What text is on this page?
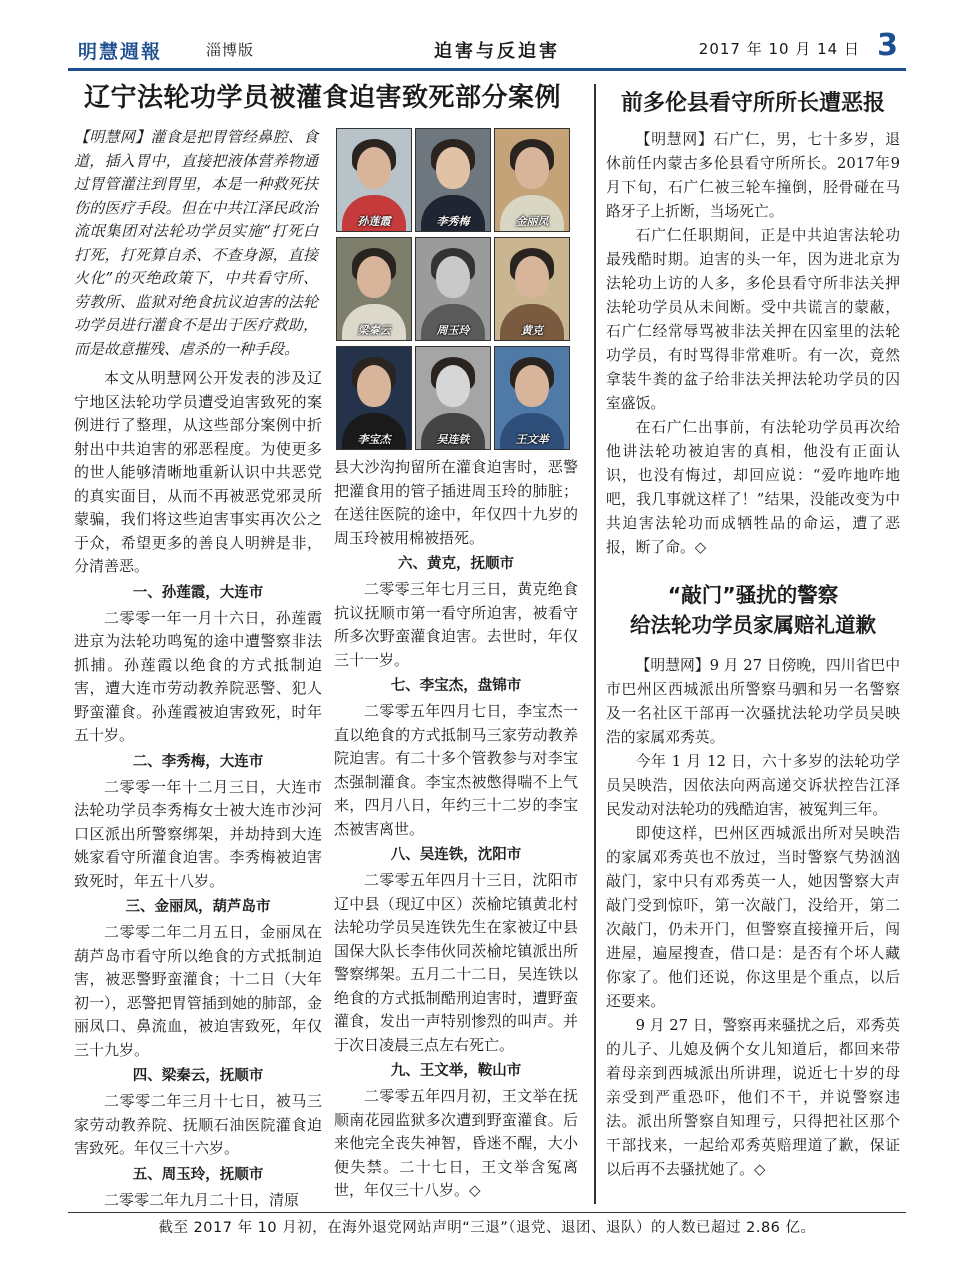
明慧週報	淄博版	迫害与反迫害	2017 年 10 月 14 日 3
辽宁法轮功学员被灌食迫害致死部分案例

【明慧网】灌食是把胃管经鼻腔、食道，插入胃中，直接把液体营养物通过胃管灌注到胃里，本是一种救死扶伤的医疗手段。但在中共江泽民政治流氓集团对法轮功学员实施“打死白打死，打死算自杀、不查身源，直接火化”的灭绝政策下，中共看守所、劳教所、监狱对绝食抗议迫害的法轮功学员进行灌食不是出于医疗救助，而是故意摧残、虐杀的一种手段。

本文从明慧网公开发表的涉及辽宁地区法轮功学员遭受迫害致死的案例进行了整理，从这些部分案例中折射出中共迫害的邪恶程度。为使更多的世人能够清晰地重新认识中共恶党的真实面目，从而不再被恶党邪灵所蒙骗，我们将这些迫害事实再次公之于众，希望更多的善良人明辨是非，分清善恶。

一、孙莲霞，大连市

二零零一年一月十六日，孙莲霞进京为法轮功鸣冤的途中遭警察非法抓捕。孙莲霞以绝食的方式抵制迫害，遭大连市劳动教养院恶警、犯人野蛮灌食。孙莲霞被迫害致死，时年五十岁。

二、李秀梅，大连市

二零零一年十二月三日，大连市法轮功学员李秀梅女士被大连市沙河口区派出所警察绑架，并劫持到大连姚家看守所灌食迫害。李秀梅被迫害致死时，年五十八岁。

三、金丽凤，葫芦岛市

二零零二年二月五日，金丽凤在葫芦岛市看守所以绝食的方式抵制迫害，被恶警野蛮灌食；十二日（大年初一），恶警把胃管插到她的肺部，金丽凤口、鼻流血，被迫害致死，年仅三十九岁。

四、梁秦云，抚顺市

二零零二年三月十七日，被马三家劳动教养院、抚顺石油医院灌食迫害致死。年仅三十六岁。

五、周玉玲，抚顺市

二零零二年九月二十日，清原

孙莲霞	李秀梅	金丽凤
梁秦云	周玉玲	黄克
李宝杰	吴连铁	王文举

县大沙沟拘留所在灌食迫害时，恶警把灌食用的管子插进周玉玲的肺脏；在送往医院的途中，年仅四十九岁的周玉玲被用棉被捂死。

六、黄克，抚顺市

二零零三年七月三日，黄克绝食抗议抚顺市第一看守所迫害，被看守所多次野蛮灌食迫害。去世时，年仅三十一岁。

七、李宝杰，盘锦市

二零零五年四月七日，李宝杰一直以绝食的方式抵制马三家劳动教养院迫害。有二十多个管教参与对李宝杰强制灌食。李宝杰被憋得喘不上气来，四月八日，年约三十二岁的李宝杰被害离世。

八、吴连铁，沈阳市

二零零五年四月十三日，沈阳市辽中县（现辽中区）茨榆坨镇黄北村法轮功学员吴连铁先生在家被辽中县国保大队长李伟伙同茨榆坨镇派出所警察绑架。五月二十二日，吴连铁以绝食的方式抵制酷刑迫害时，遭野蛮灌食，发出一声特别惨烈的叫声。并于次日凌晨三点左右死亡。

九、王文举，鞍山市

二零零五年四月初，王文举在抚顺南花园监狱多次遭到野蛮灌食。后来他完全丧失神智，昏迷不醒，大小便失禁。二十七日，王文举含冤离世，年仅三十八岁。◇

前多伦县看守所所长遭恶报

【明慧网】石广仁，男，七十多岁，退休前任内蒙古多伦县看守所所长。2017年9月下旬，石广仁被三轮车撞倒，胫骨碰在马路牙子上折断，当场死亡。

石广仁任职期间，正是中共迫害法轮功最残酷时期。迫害的头一年，因为进北京为法轮功上访的人多，多伦县看守所非法关押法轮功学员从未间断。受中共谎言的蒙蔽，石广仁经常辱骂被非法关押在囚室里的法轮功学员，有时骂得非常难听。有一次，竟然拿装牛粪的盆子给非法关押法轮功学员的囚室盛饭。

在石广仁出事前，有法轮功学员再次给他讲法轮功被迫害的真相，他没有正面认识，也没有悔过，却回应说：“爱咋地咋地吧，我几事就这样了！”结果，没能改变为中共迫害法轮功而成牺牲品的命运，遭了恶报，断了命。◇

“敲门”骚扰的警察
给法轮功学员家属赔礼道歉

【明慧网】9 月 27 日傍晚，四川省巴中市巴州区西城派出所警察马驷和另一名警察及一名社区干部再一次骚扰法轮功学员吴映浩的家属邓秀英。

今年 1 月 12 日，六十多岁的法轮功学员吴映浩，因依法向两高递交诉状控告江泽民发动对法轮功的残酷迫害，被冤判三年。

即使这样，巴州区西城派出所对吴映浩的家属邓秀英也不放过，当时警察气势汹汹敲门，家中只有邓秀英一人，她因警察大声敲门受到惊吓，第一次敲门，没给开，第二次敲门，仍未开门，但警察直接撞开后，闯进屋，遍屋搜查，借口是：是否有个坏人藏你家了。他们还说，你这里是个重点，以后还要来。

9 月 27 日，警察再来骚扰之后，邓秀英的儿子、儿媳及俩个女儿知道后，都回来带着母亲到西城派出所讲理，说近七十岁的母亲受到严重恐吓，他们不干，并说警察违法。派出所警察自知理亏，只得把社区那个干部找来，一起给邓秀英赔理道了歉，保证以后再不去骚扰她了。◇

截至 2017 年 10 月初，在海外退党网站声明“三退”（退党、退团、退队）的人数已超过 2.86 亿。
